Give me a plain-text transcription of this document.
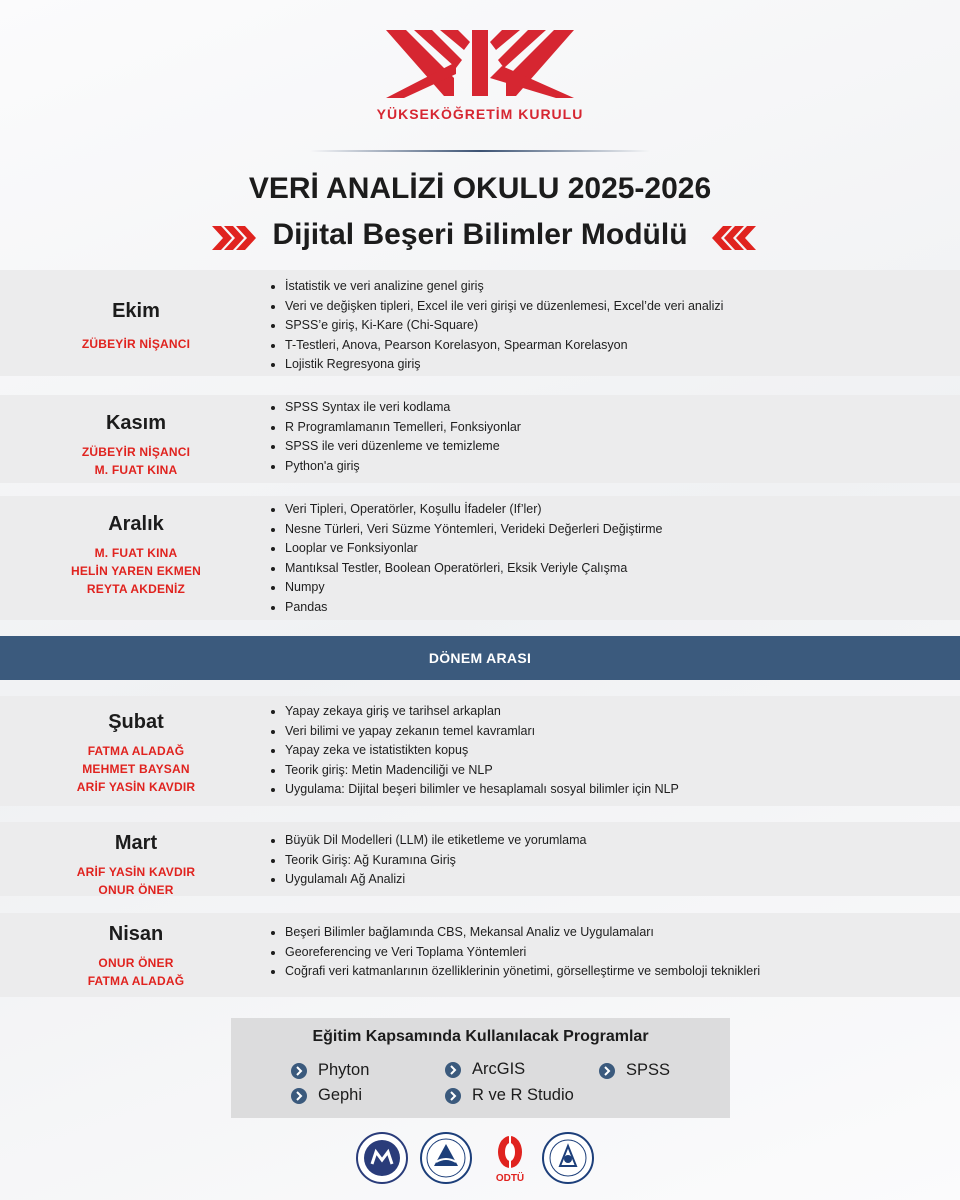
YÜKSEKÖĞRETİM KURULU
VERİ ANALİZİ OKULU 2025-2026
Dijital Beşeri Bilimler Modülü
Ekim
ZÜBEYİR NİŞANCI
İstatistik ve veri analizine genel giriş
Veri ve değişken tipleri, Excel ile veri girişi ve düzenlemesi, Excel’de veri analizi
SPSS’e giriş, Ki-Kare (Chi-Square)
T-Testleri, Anova, Pearson Korelasyon, Spearman Korelasyon
Lojistik Regresyona giriş
Kasım
ZÜBEYİR NİŞANCI
M. FUAT KINA
SPSS Syntax ile veri kodlama
R Programlamanın Temelleri, Fonksiyonlar
SPSS ile veri düzenleme ve temizleme
Python'a giriş
Aralık
M. FUAT KINA
HELİN YAREN EKMEN
REYTA AKDENİZ
Veri Tipleri, Operatörler, Koşullu İfadeler (If’ler)
Nesne Türleri, Veri Süzme Yöntemleri, Verideki Değerleri Değiştirme
Looplar ve Fonksiyonlar
Mantıksal Testler, Boolean Operatörleri, Eksik Veriyle Çalışma
Numpy
Pandas
DÖNEM ARASI
Şubat
FATMA ALADAĞ
MEHMET BAYSAN
ARİF YASİN KAVDIR
Yapay zekaya giriş ve tarihsel arkaplan
Veri bilimi ve yapay zekanın temel kavramları
Yapay zeka ve istatistikten kopuş
Teorik giriş: Metin Madenciliği ve NLP
Uygulama: Dijital beşeri bilimler ve hesaplamalı sosyal bilimler için NLP
Mart
ARİF YASİN KAVDIR
ONUR ÖNER
Büyük Dil Modelleri (LLM) ile etiketleme ve yorumlama
Teorik Giriş: Ağ Kuramına Giriş
Uygulamalı Ağ Analizi
Nisan
ONUR ÖNER
FATMA ALADAĞ
Beşeri Bilimler bağlamında CBS, Mekansal Analiz ve Uygulamaları
Georeferencing ve Veri Toplama Yöntemleri
Coğrafi veri katmanlarının özelliklerinin yönetimi, görselleştirme ve semboloji teknikleri
Eğitim Kapsamında Kullanılacak Programlar
Phyton
Gephi
ArcGIS
R ve R Studio
SPSS
ODTÜ
